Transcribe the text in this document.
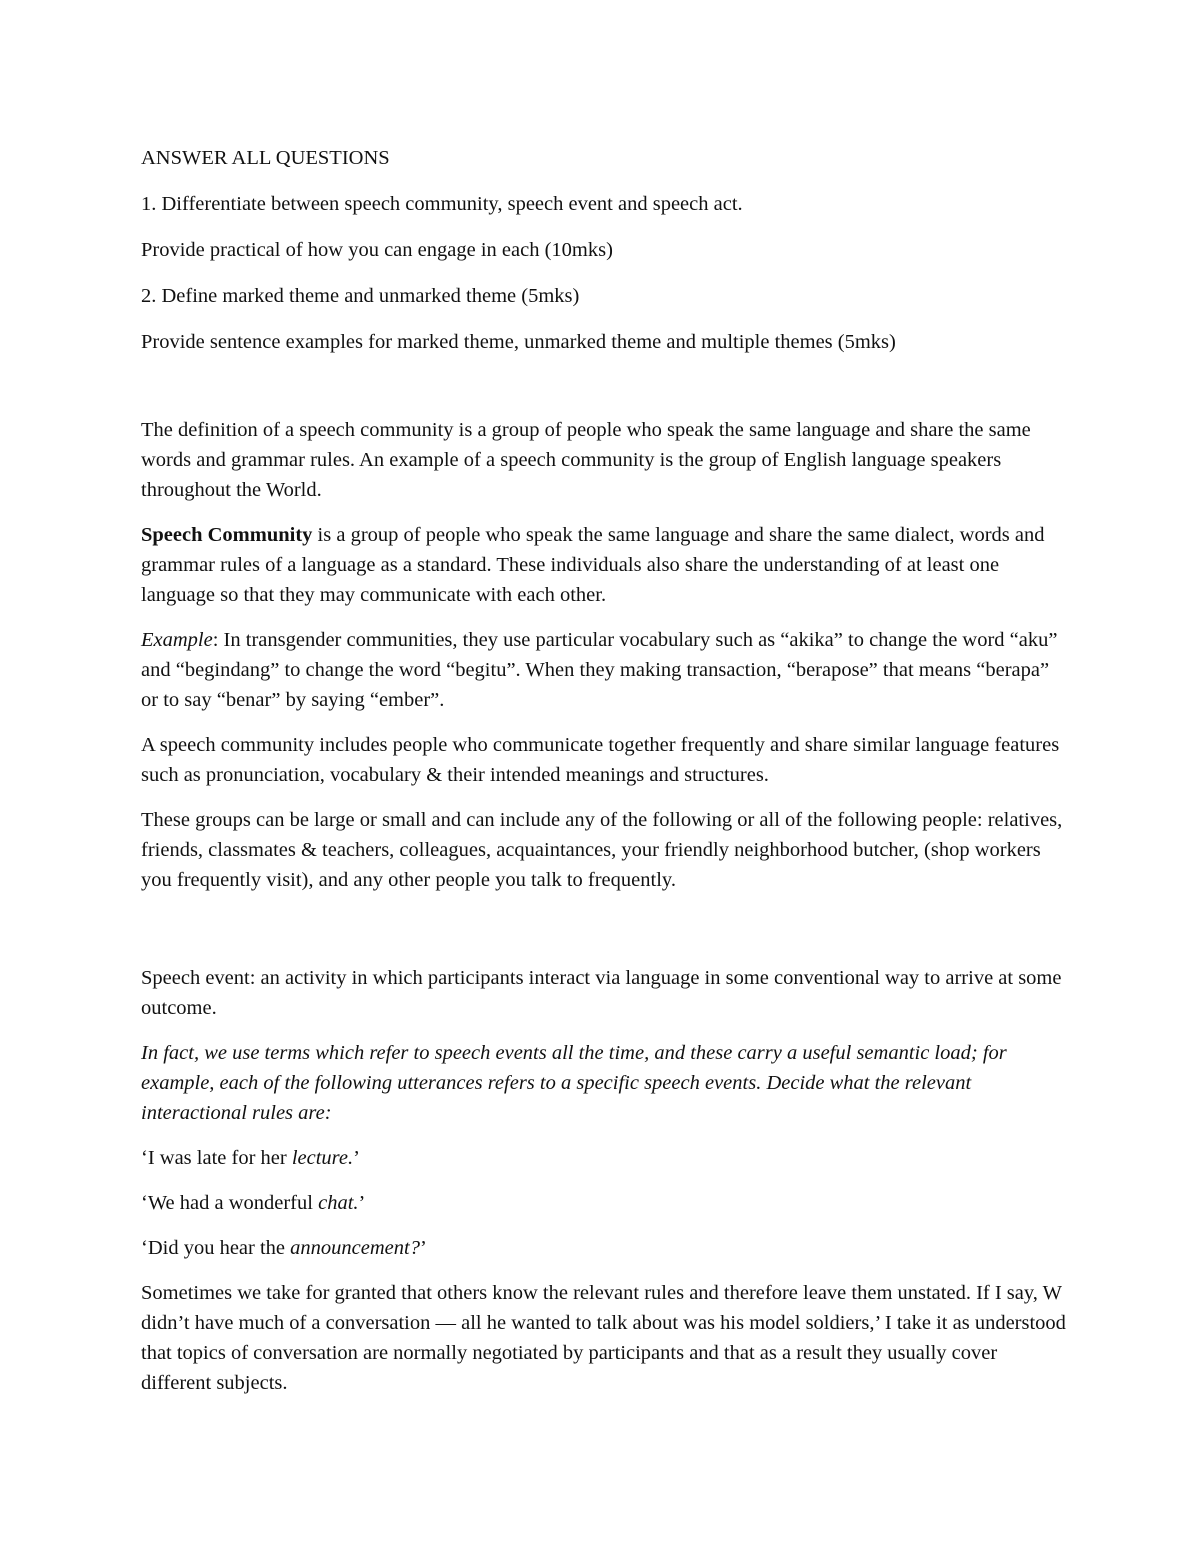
ANSWER ALL QUESTIONS

1. Differentiate between speech community, speech event and speech act.

Provide practical of how you can engage in each (10mks)

2. Define marked theme and unmarked theme (5mks)

Provide sentence examples for marked theme, unmarked theme and multiple themes (5mks)

The definition of a speech community is a group of people who speak the same language and share the same words and grammar rules. An example of a speech community is the group of English language speakers throughout the World.

Speech Community is a group of people who speak the same language and share the same dialect, words and grammar rules of a language as a standard. These individuals also share the understanding of at least one language so that they may communicate with each other.

Example: In transgender communities, they use particular vocabulary such as “akika” to change the word “aku” and “begindang” to change the word “begitu”. When they making transaction, “berapose” that means “berapa” or to say “benar” by saying “ember”.

A speech community includes people who communicate together frequently and share similar language features such as pronunciation, vocabulary & their intended meanings and structures.

These groups can be large or small and can include any of the following or all of the following people: relatives, friends, classmates & teachers, colleagues, acquaintances, your friendly neighborhood butcher, (shop workers you frequently visit), and any other people you talk to frequently.

Speech event: an activity in which participants interact via language in some conventional way to arrive at some outcome.

In fact, we use terms which refer to speech events all the time, and these carry a useful semantic load; for example, each of the following utterances refers to a specific speech events. Decide what the relevant interactional rules are:

‘I was late for her lecture.’

‘We had a wonderful chat.’

‘Did you hear the announcement?’

Sometimes we take for granted that others know the relevant rules and therefore leave them unstated. If I say, W didn’t have much of a conversation — all he wanted to talk about was his model soldiers,’ I take it as understood that topics of conversation are normally negotiated by participants and that as a result they usually cover different subjects.
